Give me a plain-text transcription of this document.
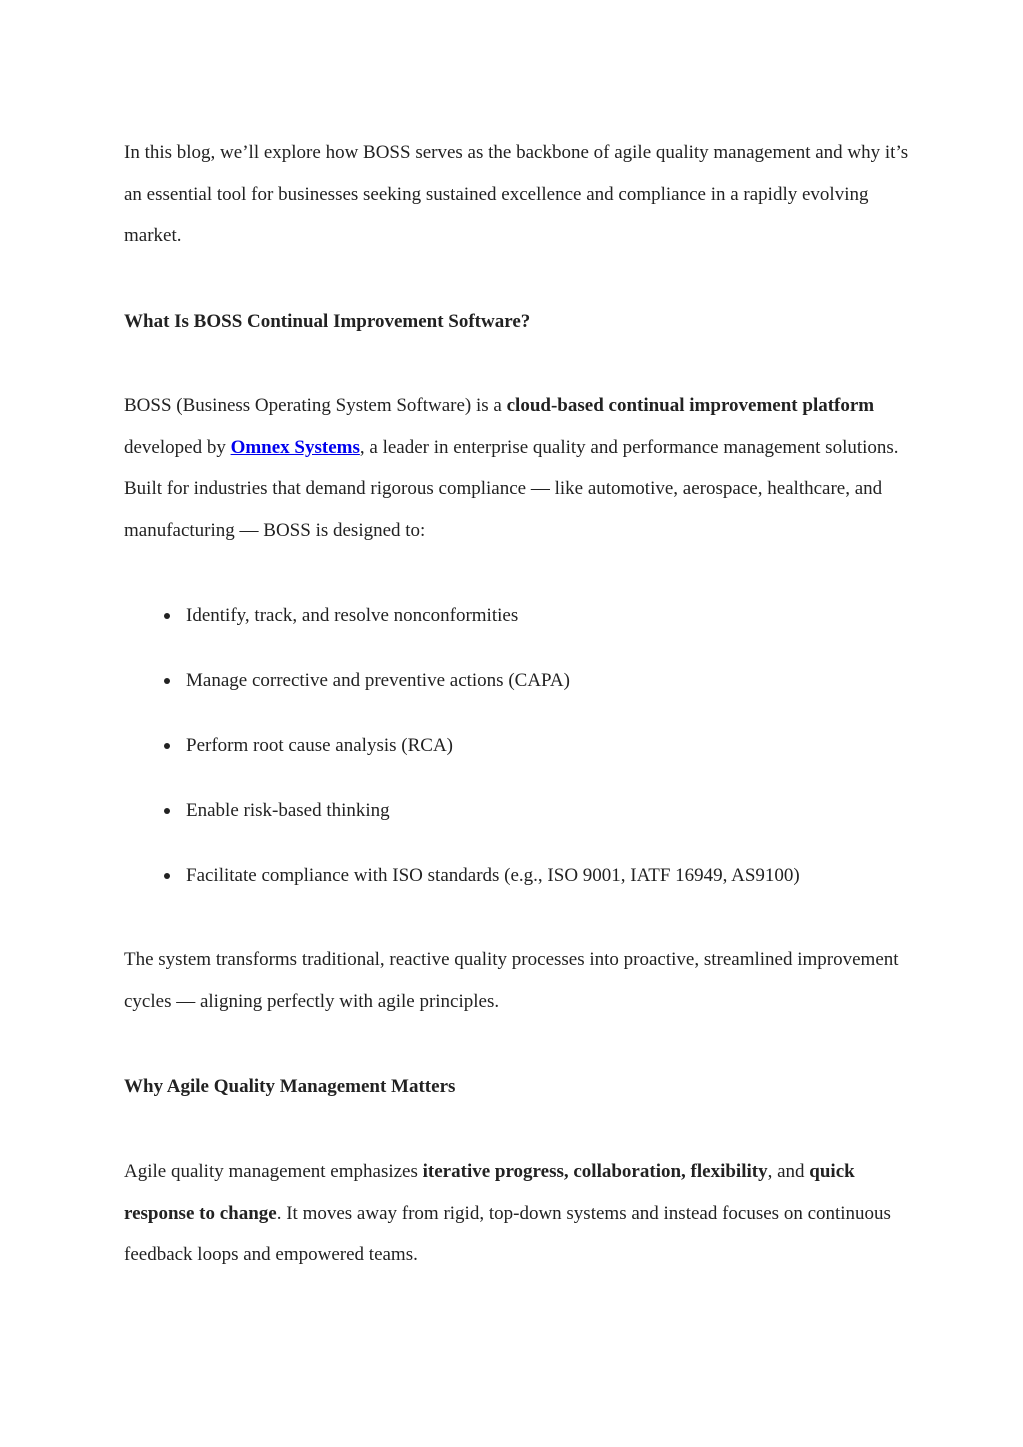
In this blog, we’ll explore how BOSS serves as the backbone of agile quality management and why it’s an essential tool for businesses seeking sustained excellence and compliance in a rapidly evolving market.

What Is BOSS Continual Improvement Software?

BOSS (Business Operating System Software) is a cloud-based continual improvement platform developed by Omnex Systems, a leader in enterprise quality and performance management solutions. Built for industries that demand rigorous compliance — like automotive, aerospace, healthcare, and manufacturing — BOSS is designed to:

Identify, track, and resolve nonconformities
Manage corrective and preventive actions (CAPA)
Perform root cause analysis (RCA)
Enable risk-based thinking
Facilitate compliance with ISO standards (e.g., ISO 9001, IATF 16949, AS9100)

The system transforms traditional, reactive quality processes into proactive, streamlined improvement cycles — aligning perfectly with agile principles.

Why Agile Quality Management Matters

Agile quality management emphasizes iterative progress, collaboration, flexibility, and quick response to change. It moves away from rigid, top-down systems and instead focuses on continuous feedback loops and empowered teams.
